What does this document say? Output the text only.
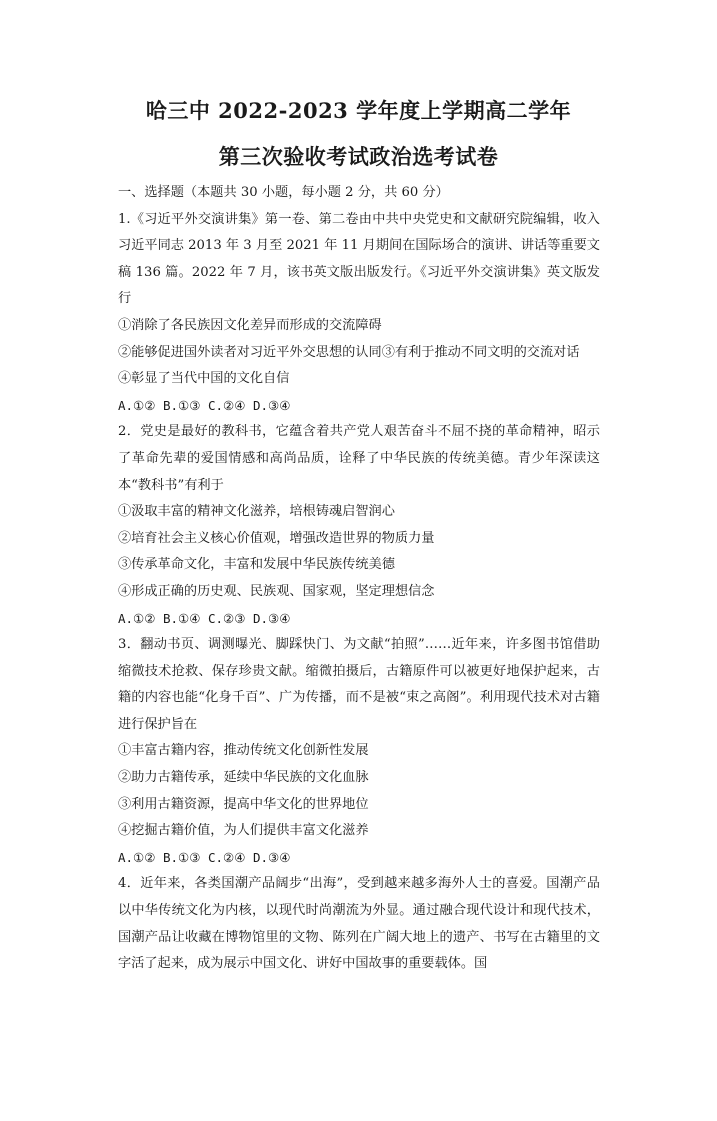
哈三中 2022-2023 学年度上学期高二学年
第三次验收考试政治选考试卷

一、选择题（本题共 30 小题，每小题 2 分，共 60 分）

1.《习近平外交演讲集》第一卷、第二卷由中共中央党史和文献研究院编辑，收入习近平同志 2013 年 3 月至 2021 年 11 月期间在国际场合的演讲、讲话等重要文稿 136 篇。2022 年 7 月，该书英文版出版发行。《习近平外交演讲集》英文版发行

①消除了各民族因文化差异而形成的交流障碍

②能够促进国外读者对习近平外交思想的认同③有利于推动不同文明的交流对话

④彰显了当代中国的文化自信

A.①② B.①③ C.②④ D.③④

2．党史是最好的教科书，它蕴含着共产党人艰苦奋斗不屈不挠的革命精神，昭示了革命先辈的爱国情感和高尚品质，诠释了中华民族的传统美德。青少年深读这本“教科书”有利于

①汲取丰富的精神文化滋养，培根铸魂启智润心

②培育社会主义核心价值观，增强改造世界的物质力量

③传承革命文化，丰富和发展中华民族传统美德

④形成正确的历史观、民族观、国家观，坚定理想信念

A.①② B.①④ C.②③ D.③④

3．翻动书页、调测曝光、脚踩快门、为文献“拍照”……近年来，许多图书馆借助缩微技术抢救、保存珍贵文献。缩微拍摄后，古籍原件可以被更好地保护起来，古籍的内容也能“化身千百”、广为传播，而不是被“束之高阁”。利用现代技术对古籍进行保护旨在

①丰富古籍内容，推动传统文化创新性发展

②助力古籍传承，延续中华民族的文化血脉

③利用古籍资源，提高中华文化的世界地位

④挖掘古籍价值，为人们提供丰富文化滋养

A.①② B.①③ C.②④ D.③④

4．近年来，各类国潮产品阔步“出海”，受到越来越多海外人士的喜爱。国潮产品以中华传统文化为内核，以现代时尚潮流为外显。通过融合现代设计和现代技术，国潮产品让收藏在博物馆里的文物、陈列在广阔大地上的遗产、书写在古籍里的文字活了起来，成为展示中国文化、讲好中国故事的重要载体。国
